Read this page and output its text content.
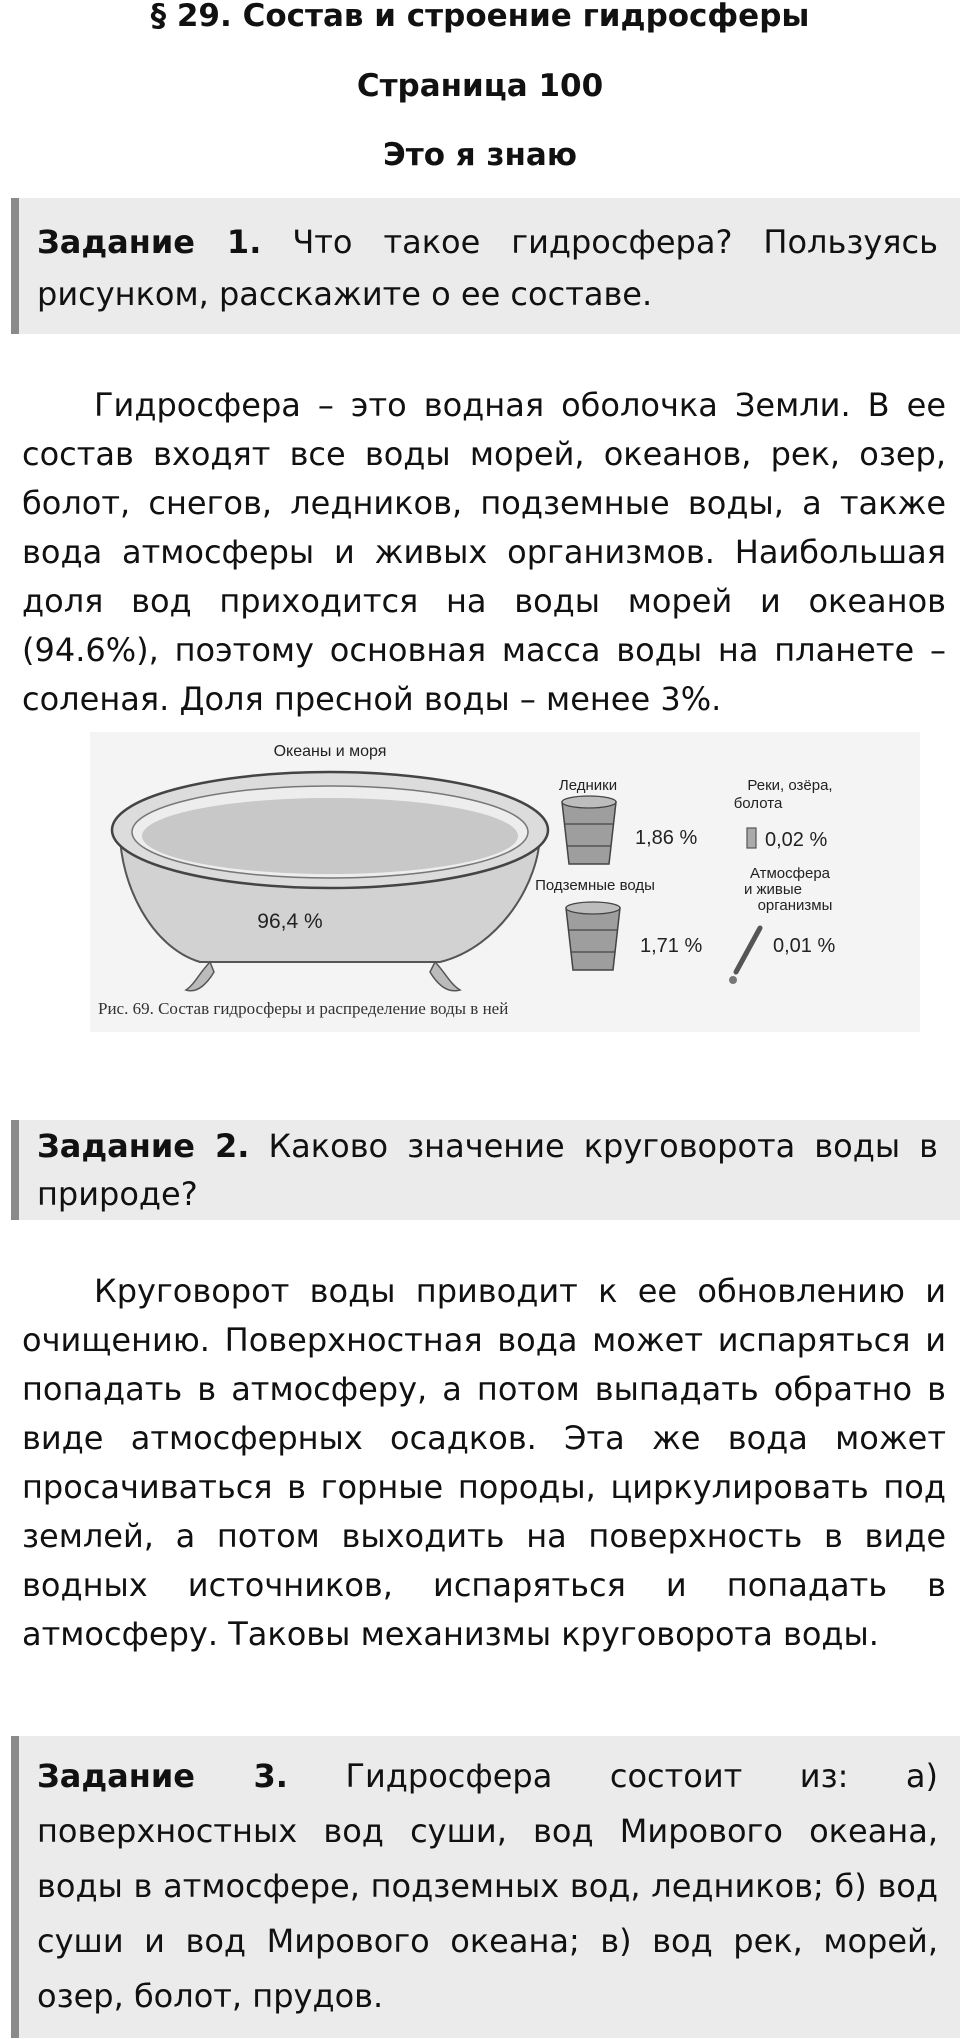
§ 29. Состав и строение гидросферы
Страница 100
Это я знаю
Задание 1. Что такое гидросфера? Пользуясь рисунком, расскажите о ее составе.

Гидросфера – это водная оболочка Земли. В ее состав входят все воды морей, океанов, рек, озер, болот, снегов, ледников, подземные воды, а также вода атмосферы и живых организмов. Наибольшая доля вод приходится на воды морей и океанов (94.6%), поэтому основная масса воды на планете – соленая. Доля пресной воды – менее 3%.

Океаны и моря
96,4 %
Ледники
1,86 %
Подземные воды
1,71 %
Реки, озёра,
болота
0,02 %
Атмосфера
и живые
организмы
0,01 %
Рис. 69. Состав гидросферы и распределение воды в ней
Задание 2. Каково значение круговорота воды в природе?

Круговорот воды приводит к ее обновлению и очищению. Поверхностная вода может испаряться и попадать в атмосферу, а потом выпадать обратно в виде атмосферных осадков. Эта же вода может просачиваться в горные породы, циркулировать под землей, а потом выходить на поверхность в виде водных источников, испаряться и попадать в атмосферу. Таковы механизмы круговорота воды.

Задание 3. Гидросфера состоит из: а) поверхностных вод суши, вод Мирового океана, воды в атмосфере, подземных вод, ледников; б) вод суши и вод Мирового океана; в) вод рек, морей, озер, болот, прудов.
